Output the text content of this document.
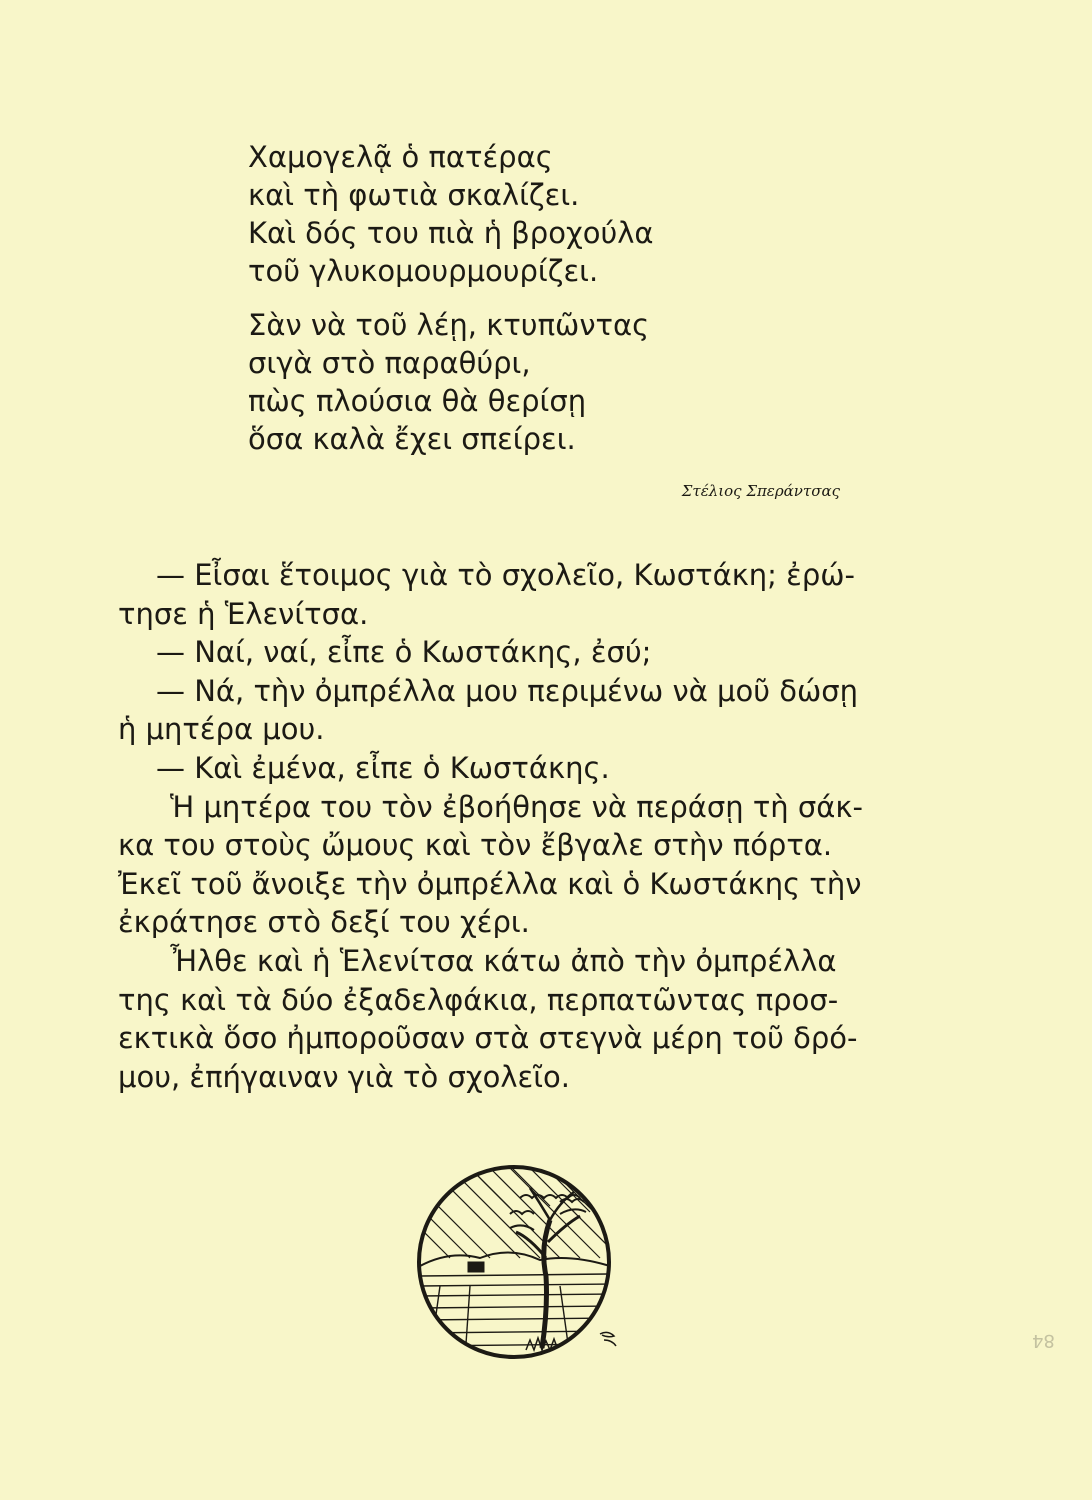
Χαμογελᾷ ὁ πατέρας
καὶ τὴ φωτιὰ σκαλίζει.
Καὶ δός του πιὰ ἡ βροχούλα
τοῦ γλυκομουρμουρίζει.
Σὰν νὰ τοῦ λέῃ, κτυπῶντας
σιγὰ στὸ παραθύρι,
πὼς πλούσια θὰ θερίσῃ
ὅσα καλὰ ἔχει σπείρει.
Στέλιος Σπεράντσας
— Εἶσαι ἕτοιμος γιὰ τὸ σχολεῖο, Κωστάκη; ἐρώ-
τησε ἡ Ἑλενίτσα.
— Ναί, ναί, εἶπε ὁ Κωστάκης, ἐσύ;
— Νά, τὴν ὀμπρέλλα μου περιμένω νὰ μοῦ δώσῃ
ἡ μητέρα μου.
— Καὶ ἐμένα, εἶπε ὁ Κωστάκης.
Ἡ μητέρα του τὸν ἐβοήθησε νὰ περάσῃ τὴ σάκ-
κα του στοὺς ὤμους καὶ τὸν ἔβγαλε στὴν πόρτα.
Ἐκεῖ τοῦ ἄνοιξε τὴν ὀμπρέλλα καὶ ὁ Κωστάκης τὴν
ἐκράτησε στὸ δεξί του χέρι.
Ἦλθε καὶ ἡ Ἑλενίτσα κάτω ἀπὸ τὴν ὀμπρέλλα
της καὶ τὰ δύο ἐξαδελφάκια, περπατῶντας προσ-
εκτικὰ ὅσο ἠμποροῦσαν στὰ στεγνὰ μέρη τοῦ δρό-
μου, ἐπήγαιναν γιὰ τὸ σχολεῖο.
84
